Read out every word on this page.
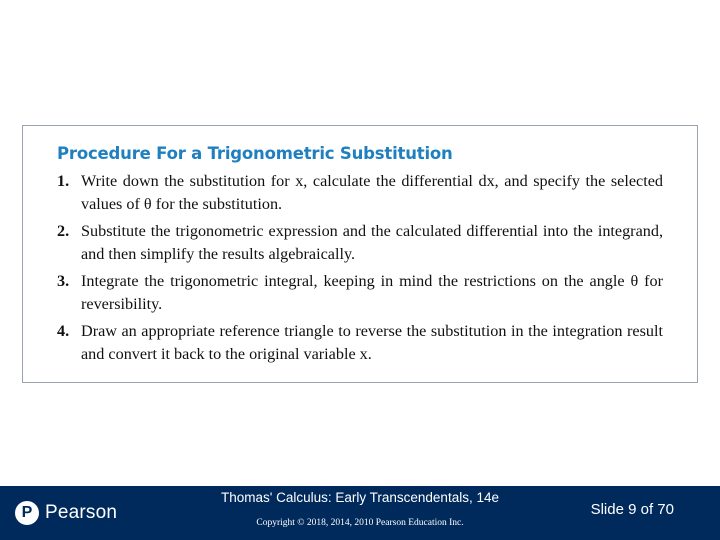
Procedure For a Trigonometric Substitution
1. Write down the substitution for x, calculate the differential dx, and specify the selected values of θ for the substitution.
2. Substitute the trigonometric expression and the calculated differential into the integrand, and then simplify the results algebraically.
3. Integrate the trigonometric integral, keeping in mind the restrictions on the angle θ for reversibility.
4. Draw an appropriate reference triangle to reverse the substitution in the integration result and convert it back to the original variable x.
P Pearson
Thomas' Calculus: Early Transcendentals, 14e
Copyright © 2018, 2014, 2010 Pearson Education Inc.
Slide 9 of 70
